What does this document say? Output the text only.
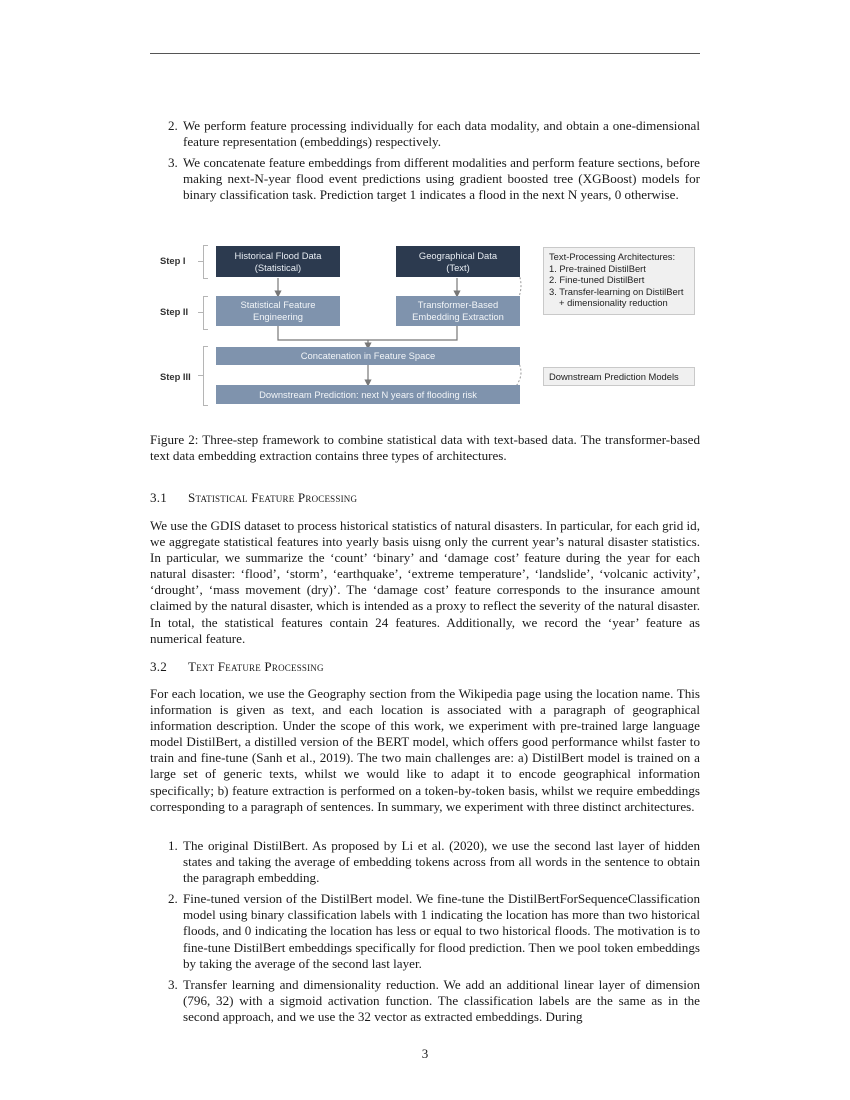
2. We perform feature processing individually for each data modality, and obtain a one-dimensional feature representation (embeddings) respectively.
3. We concatenate feature embeddings from different modalities and perform feature sections, before making next-N-year flood event predictions using gradient boosted tree (XGBoost) models for binary classification task. Prediction target 1 indicates a flood in the next N years, 0 otherwise.
Step I
Step II
Step III
Historical Flood Data
(Statistical)
Geographical Data
(Text)
Statistical Feature
Engineering
Transformer-Based
Embedding Extraction
Concatenation in Feature Space
Downstream Prediction: next N years of flooding risk
Text-Processing Architectures:
1. Pre-trained DistilBert
2. Fine-tuned DistilBert
3. Transfer-learning on DistilBert
+ dimensionality reduction
Downstream Prediction Models
Figure 2: Three-step framework to combine statistical data with text-based data. The transformer-based text data embedding extraction contains three types of architectures.
3.1 Statistical Feature Processing
We use the GDIS dataset to process historical statistics of natural disasters. In particular, for each grid id, we aggregate statistical features into yearly basis uisng only the current year’s natural disaster statistics. In particular, we summarize the ‘count’ ‘binary’ and ‘damage cost’ feature during the year for each natural disaster: ‘flood’, ‘storm’, ‘earthquake’, ‘extreme temperature’, ‘landslide’, ‘volcanic activity’, ‘drought’, ‘mass movement (dry)’. The ‘damage cost’ feature corresponds to the insurance amount claimed by the natural disaster, which is intended as a proxy to reflect the severity of the natural disaster. In total, the statistical features contain 24 features. Additionally, we record the ‘year’ feature as numerical feature.
3.2 Text Feature Processing
For each location, we use the Geography section from the Wikipedia page using the location name. This information is given as text, and each location is associated with a paragraph of geographical information description. Under the scope of this work, we experiment with pre-trained large language model DistilBert, a distilled version of the BERT model, which offers good performance whilst faster to train and fine-tune (Sanh et al., 2019). The two main challenges are: a) DistilBert model is trained on a large set of generic texts, whilst we would like to adapt it to encode geographical information specifically; b) feature extraction is performed on a token-by-token basis, whilst we require embeddings corresponding to a paragraph of sentences. In summary, we experiment with three distinct architectures.
1. The original DistilBert. As proposed by Li et al. (2020), we use the second last layer of hidden states and taking the average of embedding tokens across from all words in the sentence to obtain the paragraph embedding.
2. Fine-tuned version of the DistilBert model. We fine-tune the DistilBertForSequenceClassification model using binary classification labels with 1 indicating the location has more than two historical floods, and 0 indicating the location has less or equal to two historical floods. The motivation is to fine-tune DistilBert embeddings specifically for flood prediction. Then we pool token embeddings by taking the average of the second last layer.
3. Transfer learning and dimensionality reduction. We add an additional linear layer of dimension (796, 32) with a sigmoid activation function. The classification labels are the same as in the second approach, and we use the 32 vector as extracted embeddings. During
3
